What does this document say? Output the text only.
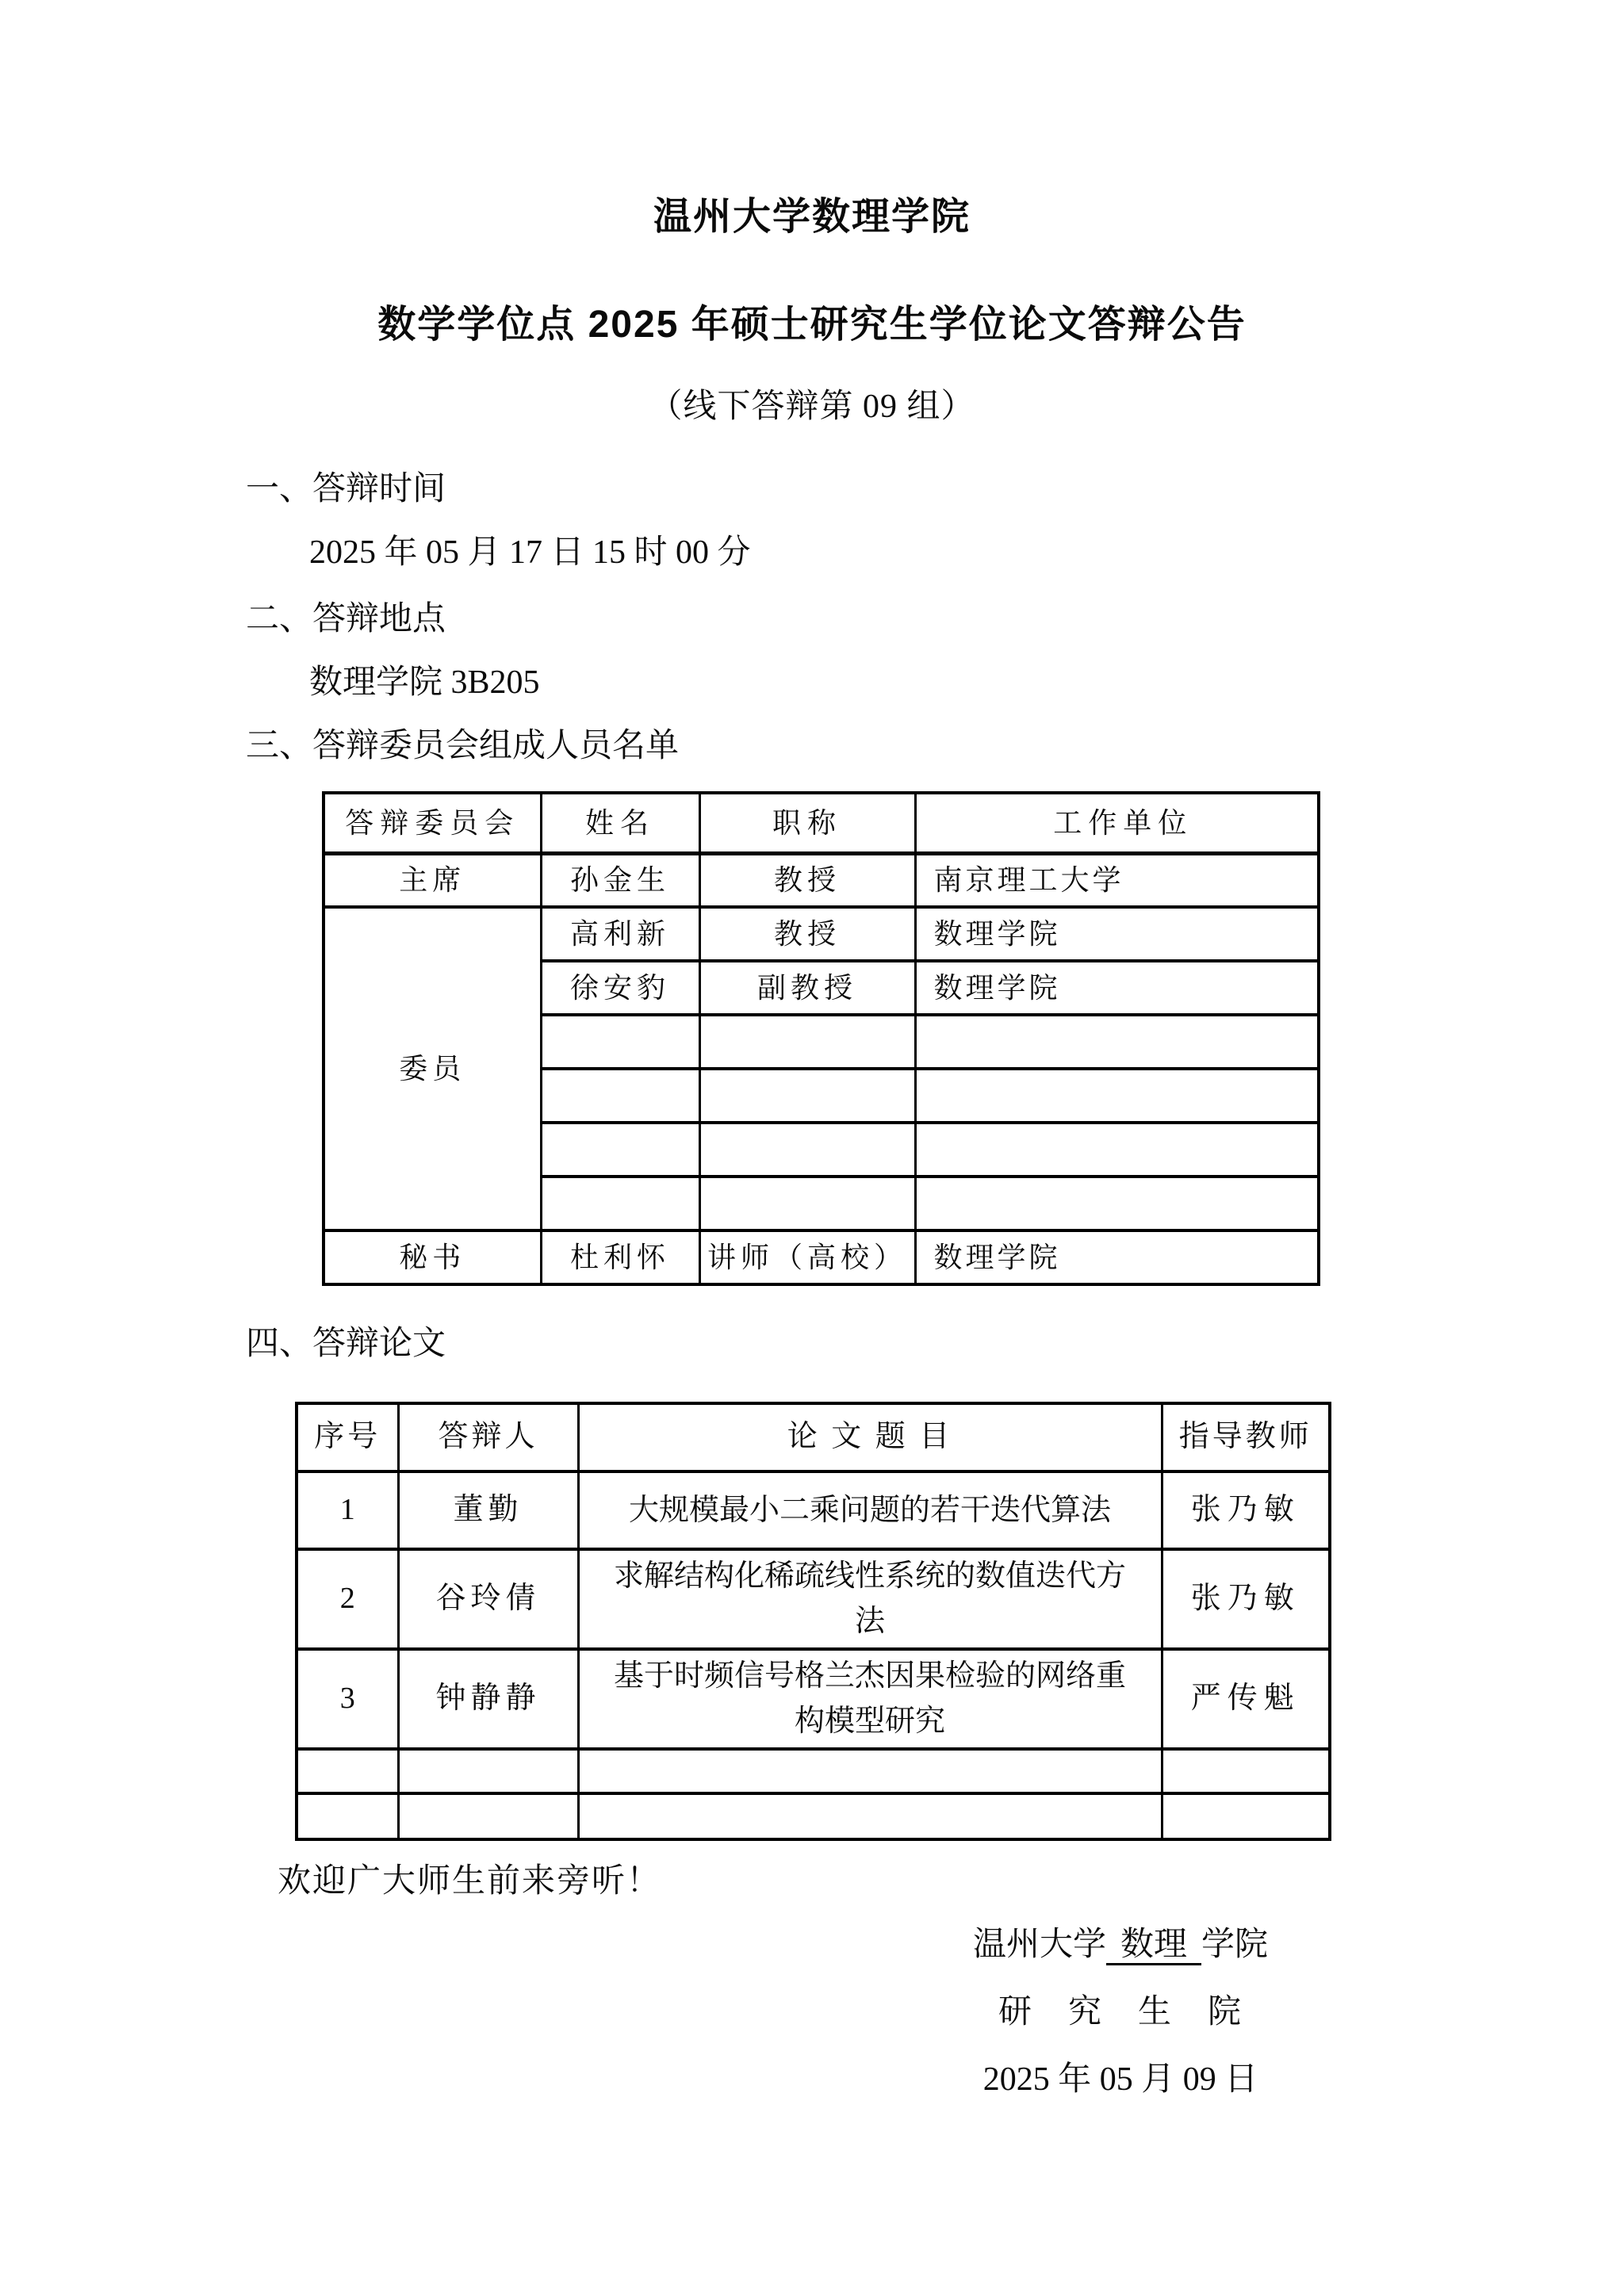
温州大学数理学院
数学学位点 2025 年硕士研究生学位论文答辩公告
（线下答辩第 09 组）
一、答辩时间
2025 年 05 月 17 日 15 时 00 分
二、答辩地点
数理学院 3B205
三、答辩委员会组成人员名单
答辩委员会	姓名	职称	工作单位
主席	孙金生	教授	南京理工大学
委员	高利新	教授	数理学院
	徐安豹	副教授	数理学院

秘书	杜利怀	讲师（高校）	数理学院
四、答辩论文
序号	答辩人	论 文 题 目	指导教师
1	董勤	大规模最小二乘问题的若干迭代算法	张乃敏
2	谷玲倩	求解结构化稀疏线性系统的数值迭代方法	张乃敏
3	钟静静	基于时频信号格兰杰因果检验的网络重构模型研究	严传魁

欢迎广大师生前来旁听！
温州大学 数理 学院
研　究　生　院
2025 年 05 月 09 日
